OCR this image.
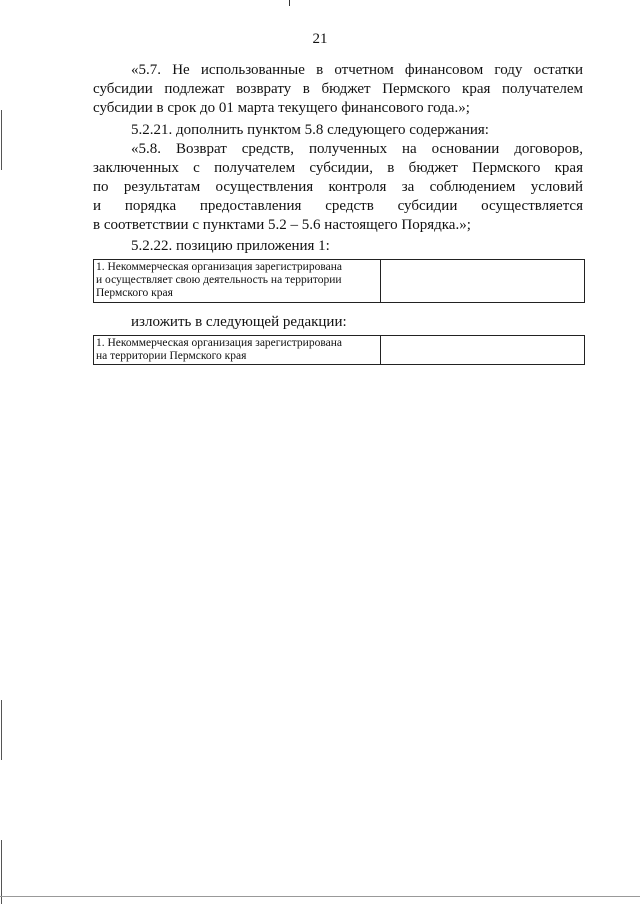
21
«5.7. Не использованные в отчетном финансовом году остатки
субсидии подлежат возврату в бюджет Пермского края получателем
субсидии в срок до 01 марта текущего финансового года.»;
5.2.21. дополнить пунктом 5.8 следующего содержания:
«5.8. Возврат средств, полученных на основании договоров,
заключенных с получателем субсидии, в бюджет Пермского края
по результатам осуществления контроля за соблюдением условий
и порядка предоставления средств субсидии осуществляется
в соответствии с пунктами 5.2 – 5.6 настоящего Порядка.»;
5.2.22. позицию приложения 1:
1. Некоммерческая организация зарегистрирована
и осуществляет свою деятельность на территории
Пермского края

изложить в следующей редакции:
1. Некоммерческая организация зарегистрирована
на территории Пермского края
